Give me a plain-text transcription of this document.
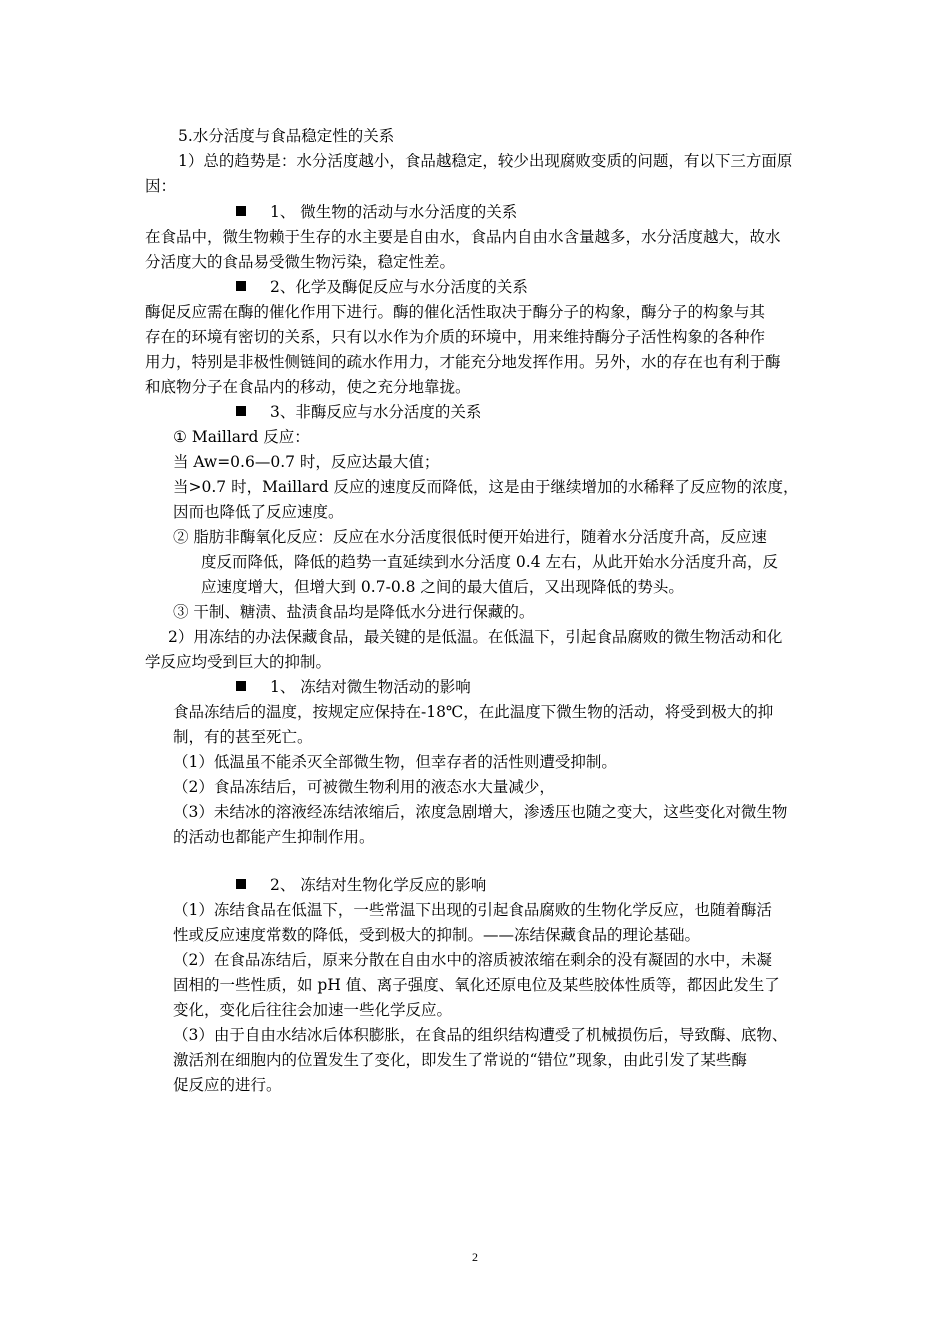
5.水分活度与食品稳定性的关系
1）总的趋势是：水分活度越小，食品越稳定，较少出现腐败变质的问题，有以下三方面原
因：
1、 微生物的活动与水分活度的关系
在食品中，微生物赖于生存的水主要是自由水，食品内自由水含量越多，水分活度越大，故水
分活度大的食品易受微生物污染，稳定性差。
2、化学及酶促反应与水分活度的关系
酶促反应需在酶的催化作用下进行。酶的催化活性取决于酶分子的构象，酶分子的构象与其
存在的环境有密切的关系，只有以水作为介质的环境中，用来维持酶分子活性构象的各种作
用力，特别是非极性侧链间的疏水作用力，才能充分地发挥作用。另外，水的存在也有利于酶
和底物分子在食品内的移动，使之充分地靠拢。
3、非酶反应与水分活度的关系
① Maillard 反应：
当 Aw=0.6—0.7 时，反应达最大值；
当>0.7 时，Maillard 反应的速度反而降低，这是由于继续增加的水稀释了反应物的浓度，
因而也降低了反应速度。
② 脂肪非酶氧化反应：反应在水分活度很低时便开始进行，随着水分活度升高，反应速
度反而降低，降低的趋势一直延续到水分活度 0.4 左右，从此开始水分活度升高，反
应速度增大，但增大到 0.7-0.8 之间的最大值后，又出现降低的势头。
③ 干制、糖渍、盐渍食品均是降低水分进行保藏的。
2）用冻结的办法保藏食品，最关键的是低温。在低温下，引起食品腐败的微生物活动和化
学反应均受到巨大的抑制。
1、 冻结对微生物活动的影响
食品冻结后的温度，按规定应保持在-18℃，在此温度下微生物的活动，将受到极大的抑
制，有的甚至死亡。
（1）低温虽不能杀灭全部微生物，但幸存者的活性则遭受抑制。
（2）食品冻结后，可被微生物利用的液态水大量减少，
（3）未结冰的溶液经冻结浓缩后，浓度急剧增大，渗透压也随之变大，这些变化对微生物
的活动也都能产生抑制作用。
2、 冻结对生物化学反应的影响
（1）冻结食品在低温下，一些常温下出现的引起食品腐败的生物化学反应，也随着酶活
性或反应速度常数的降低，受到极大的抑制。——冻结保藏食品的理论基础。
（2）在食品冻结后，原来分散在自由水中的溶质被浓缩在剩余的没有凝固的水中，未凝
固相的一些性质，如 pH 值、离子强度、氧化还原电位及某些胶体性质等，都因此发生了
变化，变化后往往会加速一些化学反应。
（3）由于自由水结冰后体积膨胀，在食品的组织结构遭受了机械损伤后，导致酶、底物、
激活剂在细胞内的位置发生了变化，即发生了常说的“错位”现象，由此引发了某些酶
促反应的进行。
2
